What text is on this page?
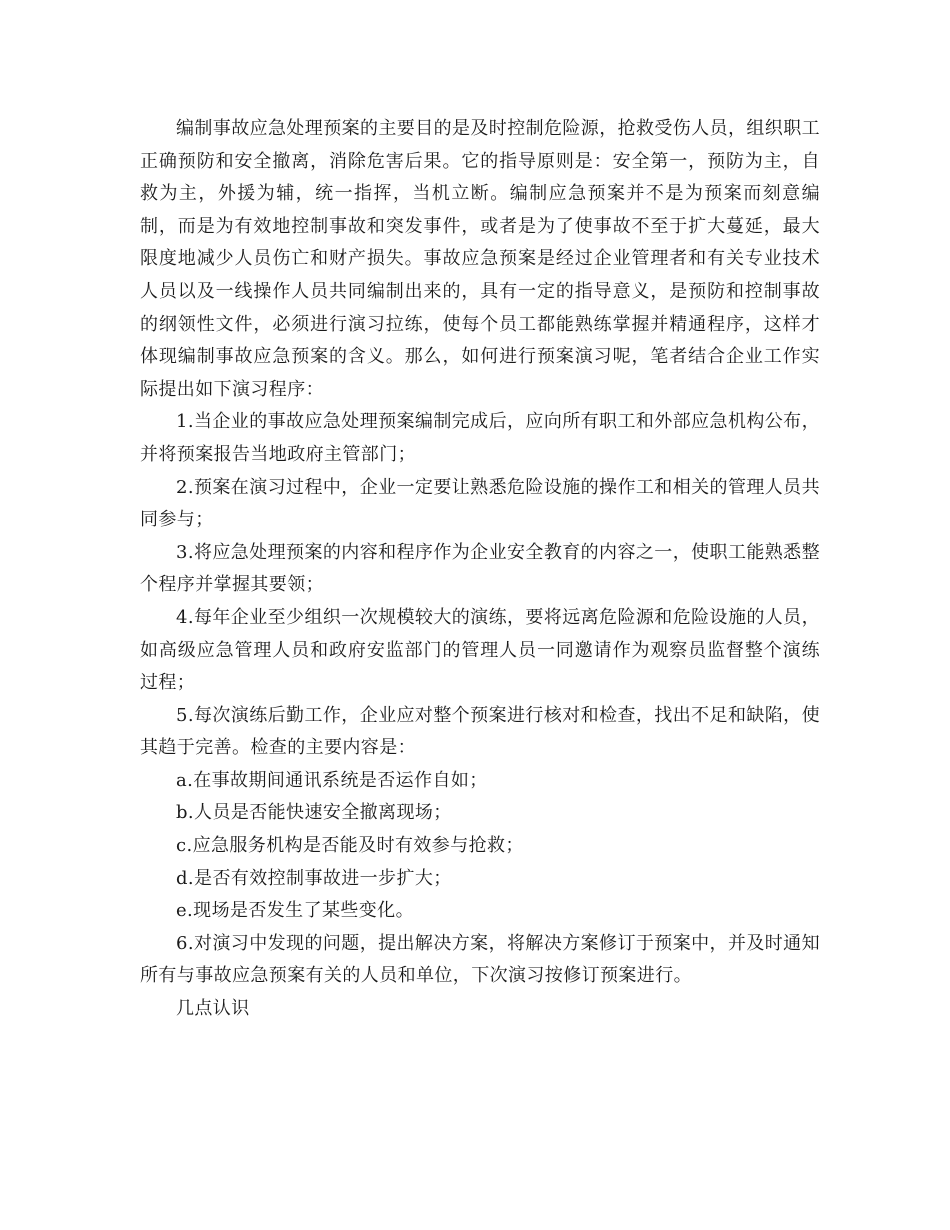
编制事故应急处理预案的主要目的是及时控制危险源，抢救受伤人员，组织职工正确预防和安全撤离，消除危害后果。它的指导原则是：安全第一，预防为主，自救为主，外援为辅，统一指挥，当机立断。编制应急预案并不是为预案而刻意编制，而是为有效地控制事故和突发事件，或者是为了使事故不至于扩大蔓延，最大限度地减少人员伤亡和财产损失。事故应急预案是经过企业管理者和有关专业技术人员以及一线操作人员共同编制出来的，具有一定的指导意义，是预防和控制事故的纲领性文件，必须进行演习拉练，使每个员工都能熟练掌握并精通程序，这样才体现编制事故应急预案的含义。那么，如何进行预案演习呢，笔者结合企业工作实际提出如下演习程序：

1.当企业的事故应急处理预案编制完成后，应向所有职工和外部应急机构公布，并将预案报告当地政府主管部门；

2.预案在演习过程中，企业一定要让熟悉危险设施的操作工和相关的管理人员共同参与；

3.将应急处理预案的内容和程序作为企业安全教育的内容之一，使职工能熟悉整个程序并掌握其要领；

4.每年企业至少组织一次规模较大的演练，要将远离危险源和危险设施的人员，如高级应急管理人员和政府安监部门的管理人员一同邀请作为观察员监督整个演练过程；

5.每次演练后勤工作，企业应对整个预案进行核对和检查，找出不足和缺陷，使其趋于完善。检查的主要内容是：

a.在事故期间通讯系统是否运作自如；

b.人员是否能快速安全撤离现场；

c.应急服务机构是否能及时有效参与抢救；

d.是否有效控制事故进一步扩大；

e.现场是否发生了某些变化。

6.对演习中发现的问题，提出解决方案，将解决方案修订于预案中，并及时通知所有与事故应急预案有关的人员和单位，下次演习按修订预案进行。

几点认识
